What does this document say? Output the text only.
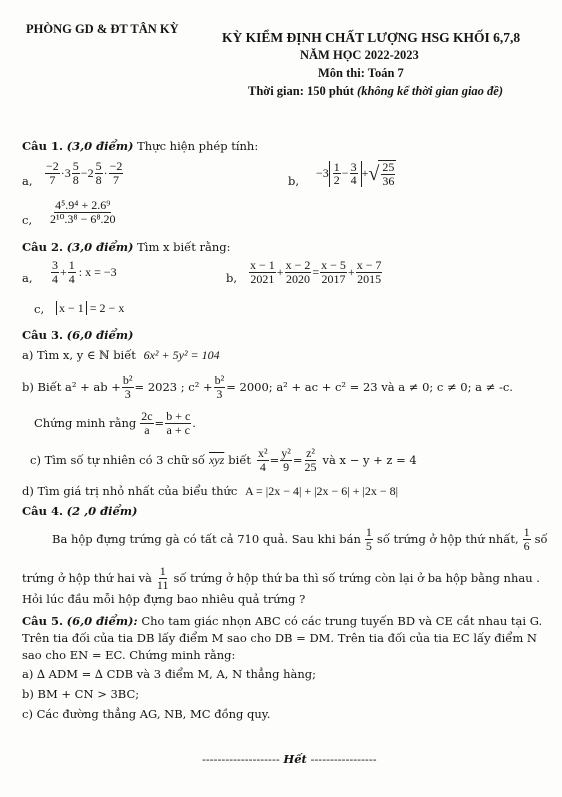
PHÒNG GD & ĐT TÂN KỲ
KỲ KIỂM ĐỊNH CHẤT LƯỢNG HSG KHỐI 6,7,8
NĂM HỌC 2022-2023
Môn thi: Toán 7
Thời gian: 150 phút (không kể thời gian giao đề)
Câu 1. (3,0 điểm) Thực hiện phép tính:
a, $\frac{-2}{7} \cdot 3 \frac{5}{8} - 2 \frac{5}{8} \cdot \frac{-2}{7}$	b,
$-3 \frac{1}{2} - \frac{3}{4}$ + √ $\frac{25}{36}$
c, $\frac{\text{4⁵.9⁴ + 2.6⁹}}{\text{2¹⁰.3⁸ − 6⁸.20}}$
Câu 2. (3,0 điểm) Tìm x biết rằng:
a, $\frac{3}{4} + \frac{1}{4}$ : x = −3	b, $\frac{x - 1}{2021} + \frac{x - 2}{2020} = \frac{x - 5}{2017} + \frac{x - 7}{2015}$
c, x − 1 = 2 − x
Câu 3. (6,0 điểm)
a) Tìm x, y ∈ ℕ biết 6x² + 5y² = 104
b) Biết a² + ab + $\frac{\text{b²}}{3} = 2023$ ; $c^2 + \frac{\text{b²}}{3} = 2000$; a² + ac + c² = 23 và a ≠ 0; c ≠ 0; a ≠ -c.
Chứng minh rằng $\frac{2c}{a} = \frac{b + c}{a + c}$ .
c) Tìm số tự nhiên có 3 chữ số $\overline{xyz}$ biết $\frac{\text{x²}}{4} = \frac{\text{y²}}{9} = \frac{\text{z²}}{25}$ và x − y + z = 4
d) Tìm giá trị nhỏ nhất của biểu thức A = |2x − 4| + |2x − 6| + |2x − 8|
Câu 4. (2 ,0 điểm)
Ba hộp đựng trứng gà có tất cả 710 quả. Sau khi bán $\frac{1}{5}$ số trứng ở hộp thứ nhất, $\frac{1}{6}$ số
trứng ở hộp thứ hai và $\frac{1}{11}$ số trứng ở hộp thứ ba thì số trứng còn lại ở ba hộp bằng nhau .
Hỏi lúc đầu mỗi hộp đựng bao nhiêu quả trứng ?
Câu 5. (6,0 điểm): Cho tam giác nhọn ABC có các trung tuyến BD và CE cắt nhau tại G.
Trên tia đối của tia DB lấy điểm M sao cho DB = DM. Trên tia đối của tia EC lấy điểm N
sao cho EN = EC. Chứng minh rằng:
a) ∆ ADM = ∆ CDB và 3 điểm M, A, N thẳng hàng;
b) BM + CN > 3BC;
c) Các đường thẳng AG, NB, MC đồng quy.
-------------------- Hết -----------------
